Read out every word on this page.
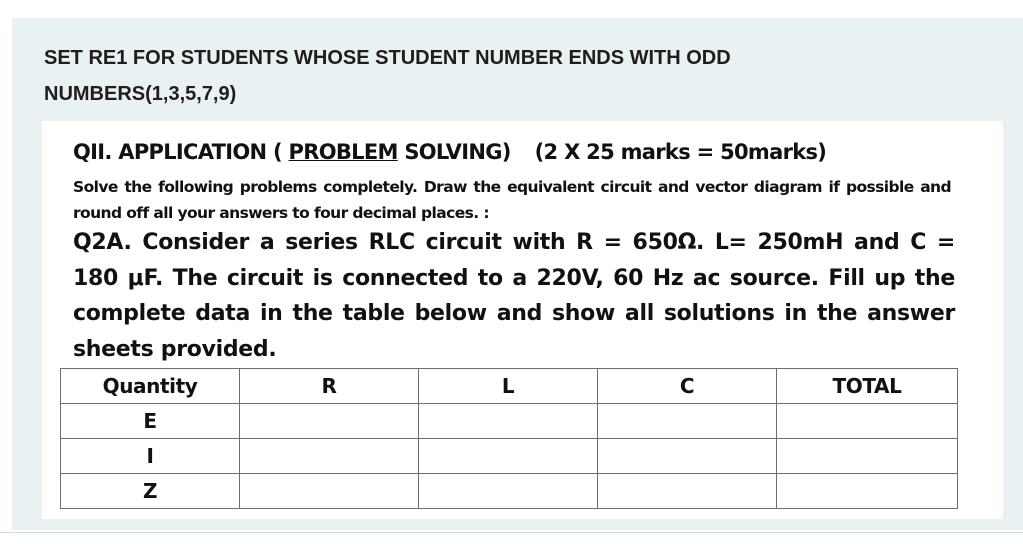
SET RE1 FOR STUDENTS WHOSE STUDENT NUMBER ENDS WITH ODD
NUMBERS(1,3,5,7,9)
QII. APPLICATION ( PROBLEM SOLVING) (2 X 25 marks = 50marks)
Solve the following problems completely. Draw the equivalent circuit and vector diagram if possible and round off all your answers to four decimal places. :
Q2A. Consider a series RLC circuit with R = 650Ω. L= 250mH and C = 180 μF. The circuit is connected to a 220V, 60 Hz ac source. Fill up the complete data in the table below and show all solutions in the answer sheets provided.
Quantity	R	L	C	TOTAL
E				
I				
Z				
